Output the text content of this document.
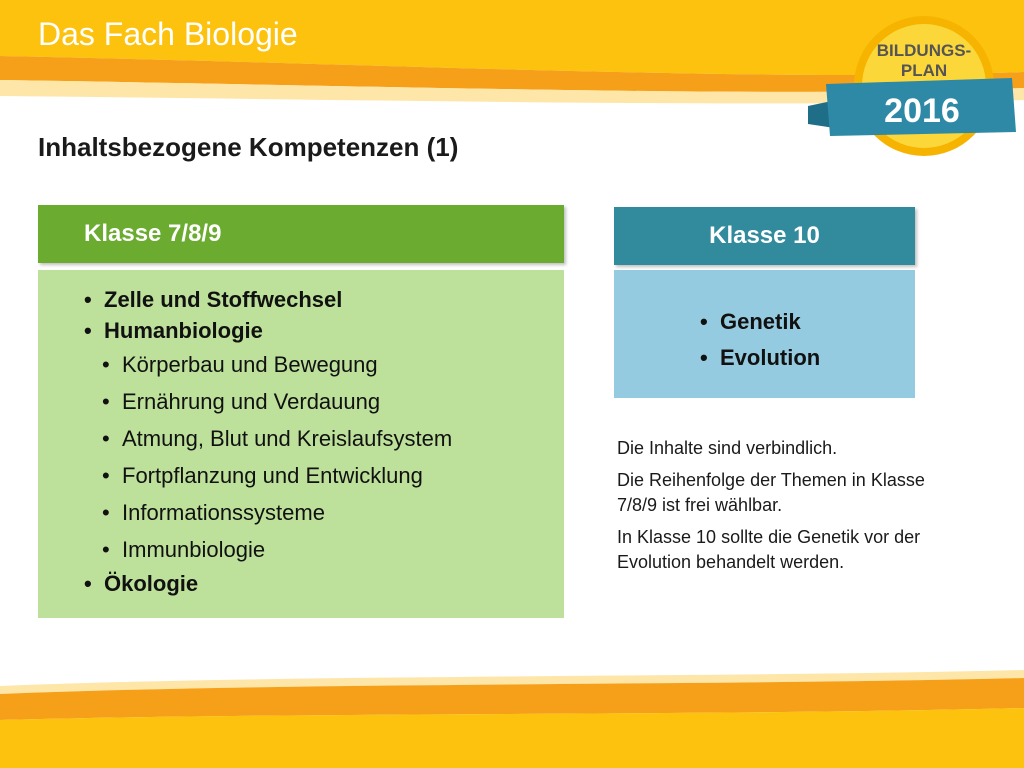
Das Fach Biologie	BILDUNGS-
PLAN
2016
Inhaltsbezogene Kompetenzen (1)
Klasse 7/8/9
• Zelle und Stoffwechsel
• Humanbiologie
• Körperbau und Bewegung
• Ernährung und Verdauung
• Atmung, Blut und Kreislaufsystem
• Fortpflanzung und Entwicklung
• Informationssysteme
• Immunbiologie
• Ökologie
Klasse 10
• Genetik
• Evolution

Die Inhalte sind verbindlich.

Die Reihenfolge der Themen in Klasse 7/8/9 ist frei wählbar.

In Klasse 10 sollte die Genetik vor der Evolution behandelt werden.
